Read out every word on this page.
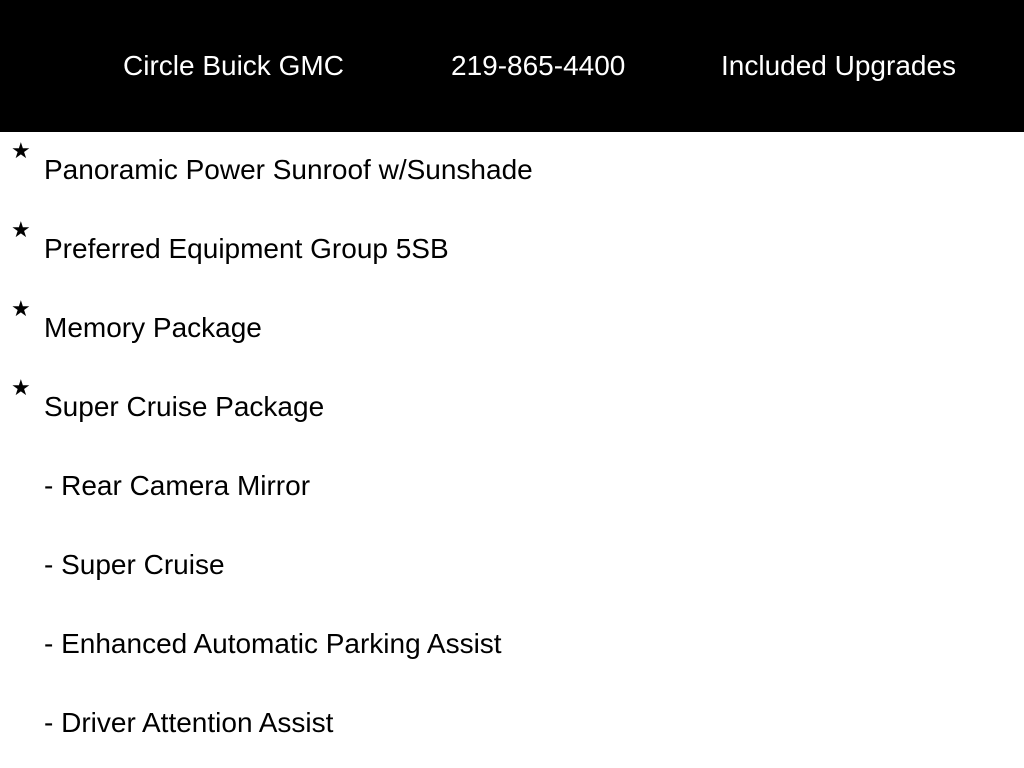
Circle Buick GMC	219-865-4400	Included Upgrades
★
Panoramic Power Sunroof w/Sunshade
★
Preferred Equipment Group 5SB
★
Memory Package
★
Super Cruise Package
- Rear Camera Mirror
- Super Cruise
- Enhanced Automatic Parking Assist
- Driver Attention Assist
